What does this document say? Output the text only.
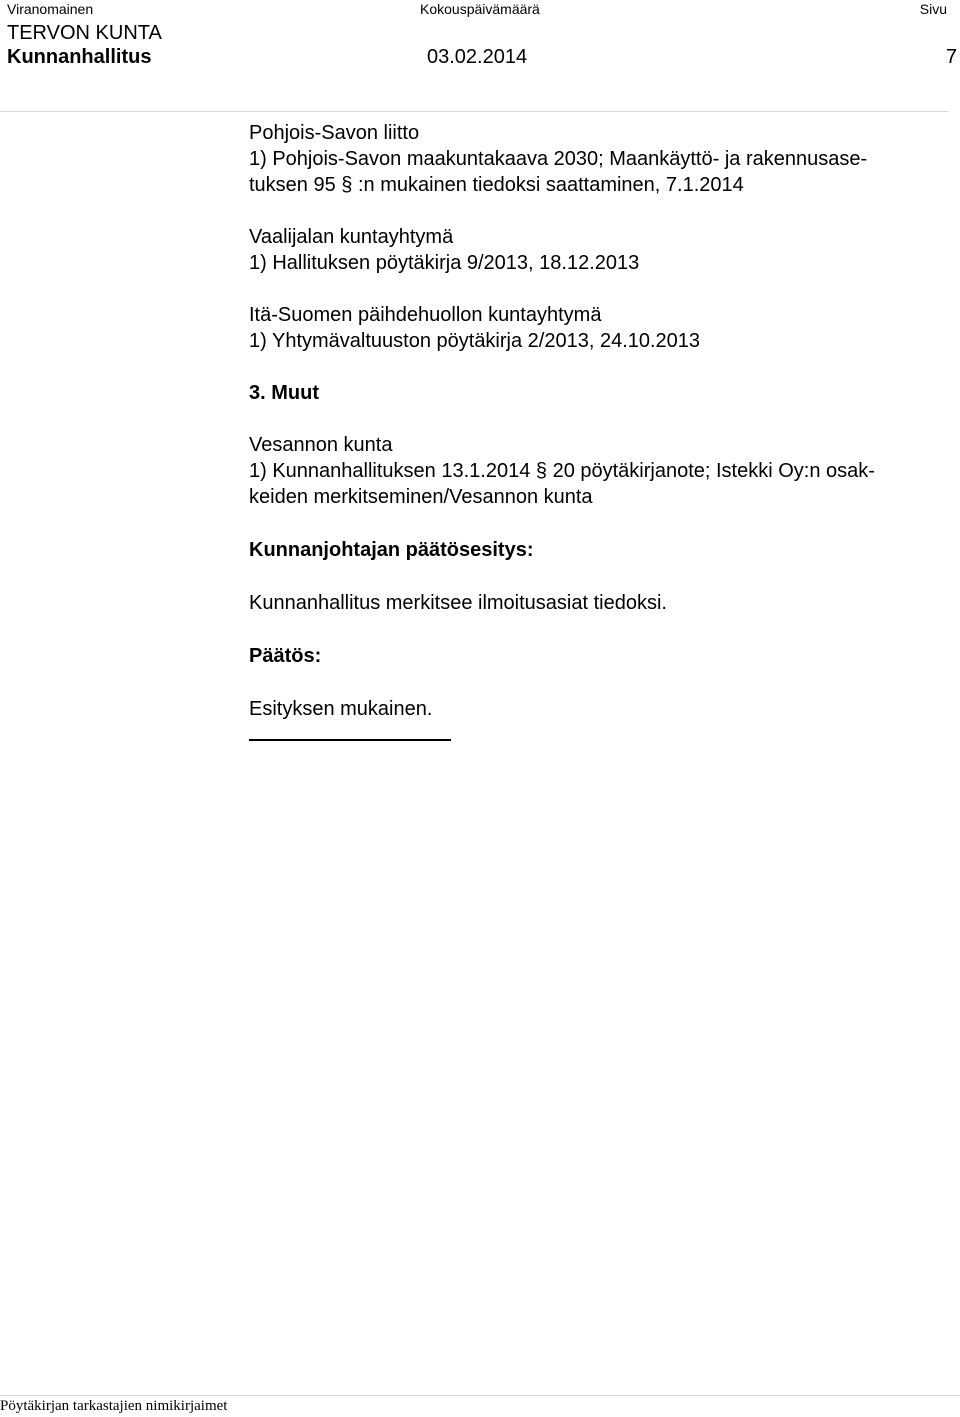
Viranomainen	Kokouspäivämäärä	Sivu
TERVON KUNTA
Kunnanhallitus	03.02.2014	7

Pohjois-Savon liitto

1) Pohjois-Savon maakuntakaava 2030; Maankäyttö- ja rakennusase-

tuksen 95 § :n mukainen tiedoksi saattaminen, 7.1.2014

Vaalijalan kuntayhtymä

1) Hallituksen pöytäkirja 9/2013, 18.12.2013

Itä-Suomen päihdehuollon kuntayhtymä

1) Yhtymävaltuuston pöytäkirja 2/2013, 24.10.2013

3. Muut

Vesannon kunta

1) Kunnanhallituksen 13.1.2014 § 20 pöytäkirjanote; Istekki Oy:n osak-

keiden merkitseminen/Vesannon kunta

Kunnanjohtajan päätösesitys:

Kunnanhallitus merkitsee ilmoitusasiat tiedoksi.

Päätös:

Esityksen mukainen.

Pöytäkirjan tarkastajien nimikirjaimet
